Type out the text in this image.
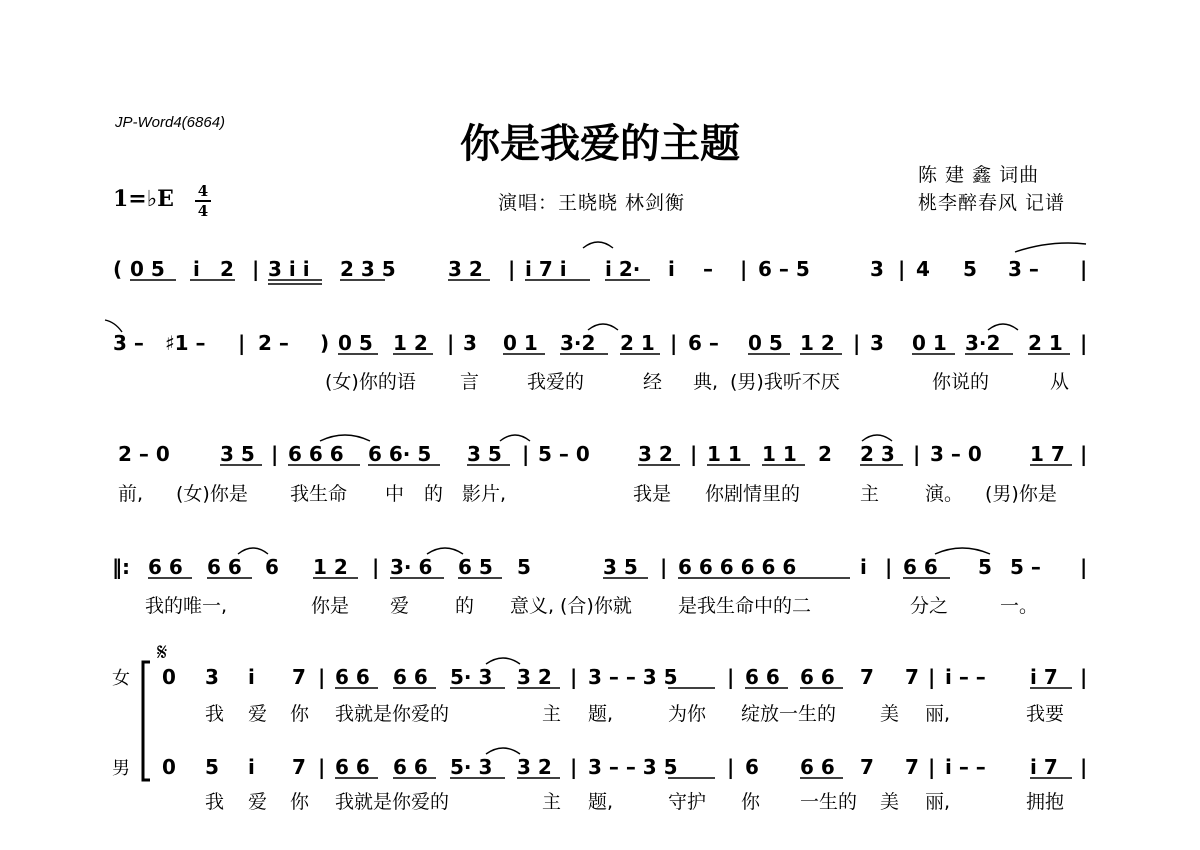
JP-Word4(6864)	你是我爱的主题
演唱：王晓晓 林剑衡
陈 建 鑫 词曲
桃李醉春风 记谱
1=♭E 4
4
( 0 5 i 2 | 3 i i 2 3 5	3 2 | i 7 i i 2· i – | 6 – 5	3 | 4 5 3 – |
3 – ♯1 – | 2 – ) 0 5 1 2 | 3 0 1 3·2 2 1 | 6 – 0 5 1 2 | 3 0 1 3·2 2 1 |
(女)你的语 言	我爱的	经 典, (男)我听不厌	你说的	从
2 – 0	3 5 | 6 6 6 6 6· 5 3 5 | 5 – 0 3 2 | 1 1 1 1 2 2 3 | 3 – 0 1 7 |
前, (女)你是 我生命 中 的 影片,	我是 你剧情里的	主 演。 (男)你是
‖: 6 6 6 6 6 1 2 | 3· 6 6 5 5	3 5 | 6 6 6 6 6 6	i | 6 6 5 5 – |
我的唯一,	你是 爱 的 意义, (合)你就 是我生命中的二	分之	一。
𝄋
女 0 3 i 7 | 6 6 6 6 5· 3 3 2 | 3 – – 3 5 | 6 6 6 6 7 7 | i – – i 7 |
我 爱 你 我就是你爱的	主 题,	为你 绽放一生的 美 丽,	我要
男 0 5 i 7 | 6 6 6 6 5· 3 3 2 | 3 – – 3 5 | 6 6 6 7 7 | i – – i 7 |
我 爱 你 我就是你爱的	主 题,	守护 你 一生的 美 丽,	拥抱
